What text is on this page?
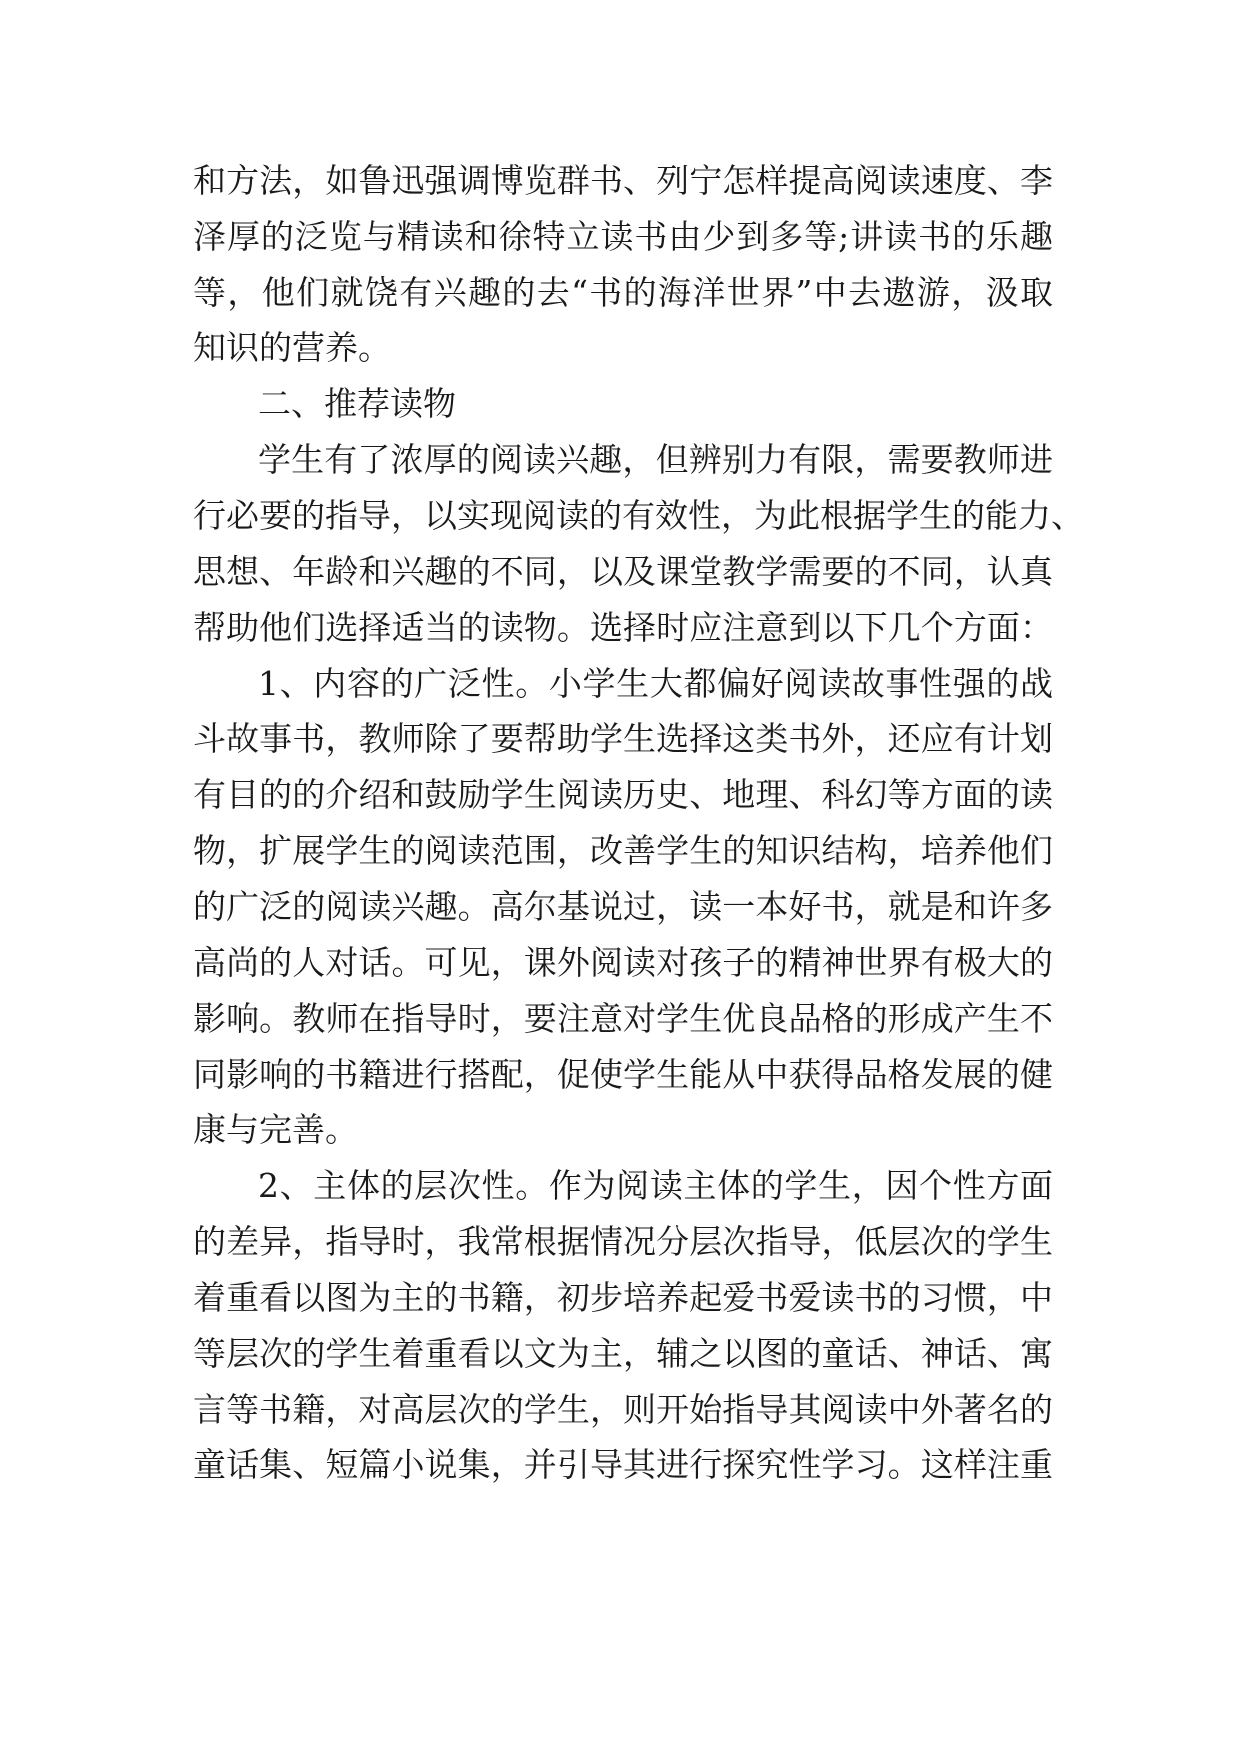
和方法，如鲁迅强调博览群书、列宁怎样提高阅读速度、李
泽厚的泛览与精读和徐特立读书由少到多等;讲读书的乐趣
等，他们就饶有兴趣的去“书的海洋世界”中去遨游，汲取
知识的营养。
二、推荐读物
学生有了浓厚的阅读兴趣，但辨别力有限，需要教师进
行必要的指导，以实现阅读的有效性，为此根据学生的能力、
思想、年龄和兴趣的不同，以及课堂教学需要的不同，认真
帮助他们选择适当的读物。选择时应注意到以下几个方面：
1、内容的广泛性。小学生大都偏好阅读故事性强的战
斗故事书，教师除了要帮助学生选择这类书外，还应有计划
有目的的介绍和鼓励学生阅读历史、地理、科幻等方面的读
物，扩展学生的阅读范围，改善学生的知识结构，培养他们
的广泛的阅读兴趣。高尔基说过，读一本好书，就是和许多
高尚的人对话。可见，课外阅读对孩子的精神世界有极大的
影响。教师在指导时，要注意对学生优良品格的形成产生不
同影响的书籍进行搭配，促使学生能从中获得品格发展的健
康与完善。
2、主体的层次性。作为阅读主体的学生，因个性方面
的差异，指导时，我常根据情况分层次指导，低层次的学生
着重看以图为主的书籍，初步培养起爱书爱读书的习惯，中
等层次的学生着重看以文为主，辅之以图的童话、神话、寓
言等书籍，对高层次的学生，则开始指导其阅读中外著名的
童话集、短篇小说集，并引导其进行探究性学习。这样注重
